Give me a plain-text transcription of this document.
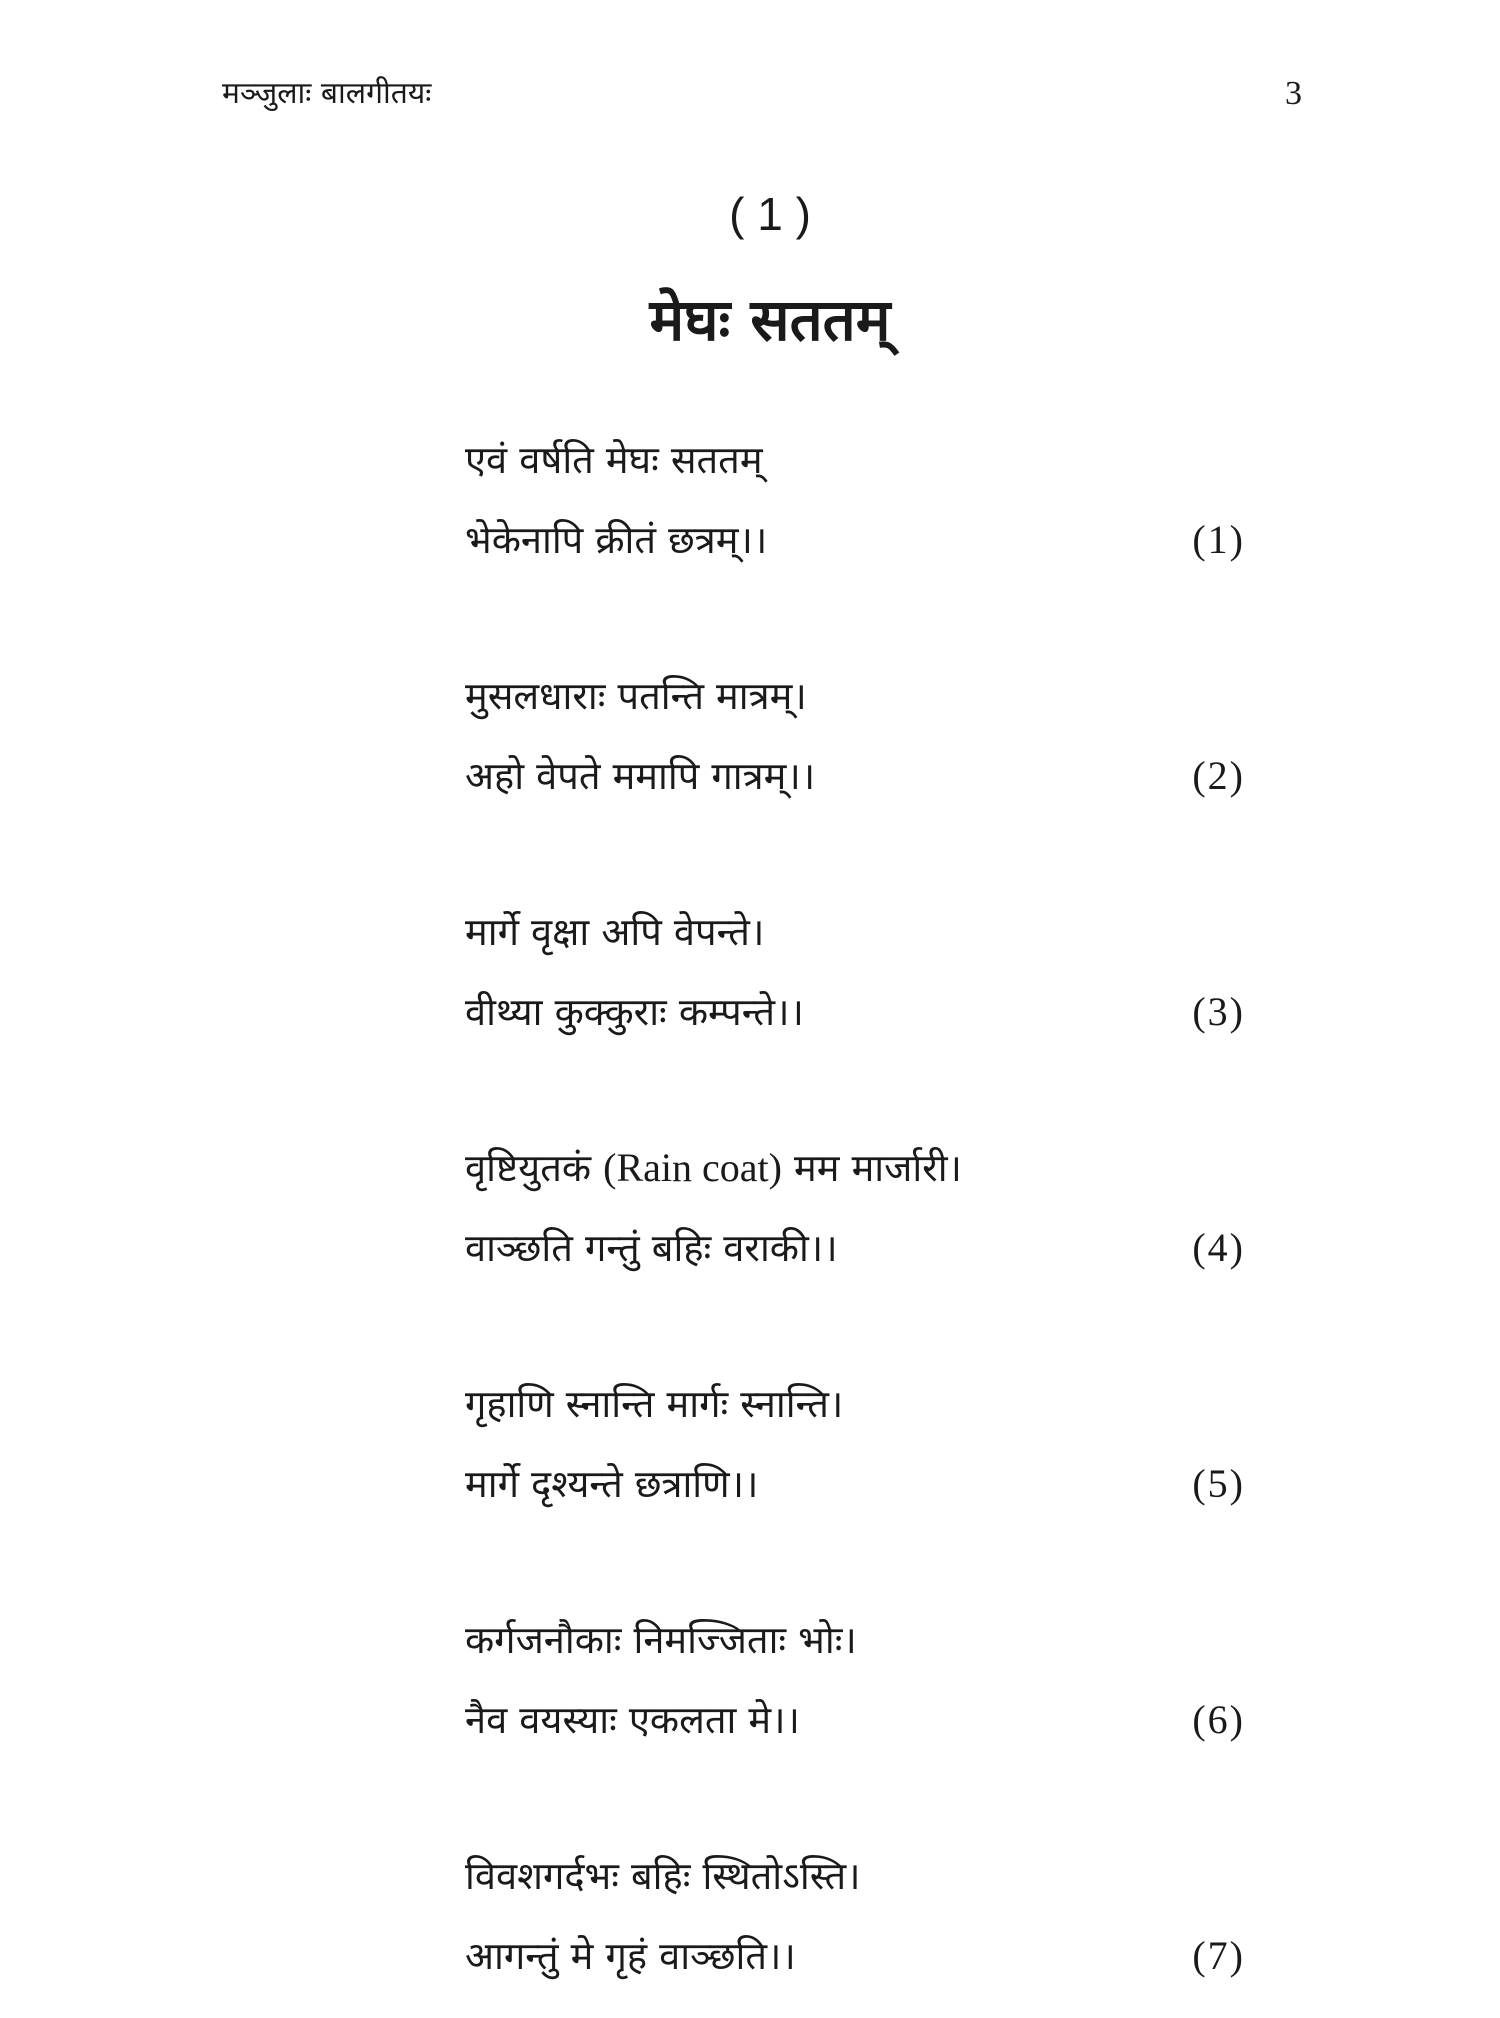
मञ्जुलाः बालगीतयः	3
( 1 )
मेघः सततम्
एवं वर्षति मेघः सततम्
भेकेनापि क्रीतं छत्रम्।।	(1)
मुसलधाराः पतन्ति मात्रम्।
अहो वेपते ममापि गात्रम्।।	(2)
मार्गे वृक्षा अपि वेपन्ते।
वीथ्या कुक्कुराः कम्पन्ते।।	(3)
वृष्टियुतकं (Rain coat) मम मार्जारी।
वाञ्छति गन्तुं बहिः वराकी।।	(4)
गृहाणि स्नान्ति मार्गः स्नान्ति।
मार्गे दृश्यन्ते छत्राणि।।	(5)
कर्गजनौकाः निमज्जिताः भोः।
नैव वयस्याः एकलता मे।।	(6)
विवशगर्दभः बहिः स्थितोऽस्ति।
आगन्तुं मे गृहं वाञ्छति।।	(7)
